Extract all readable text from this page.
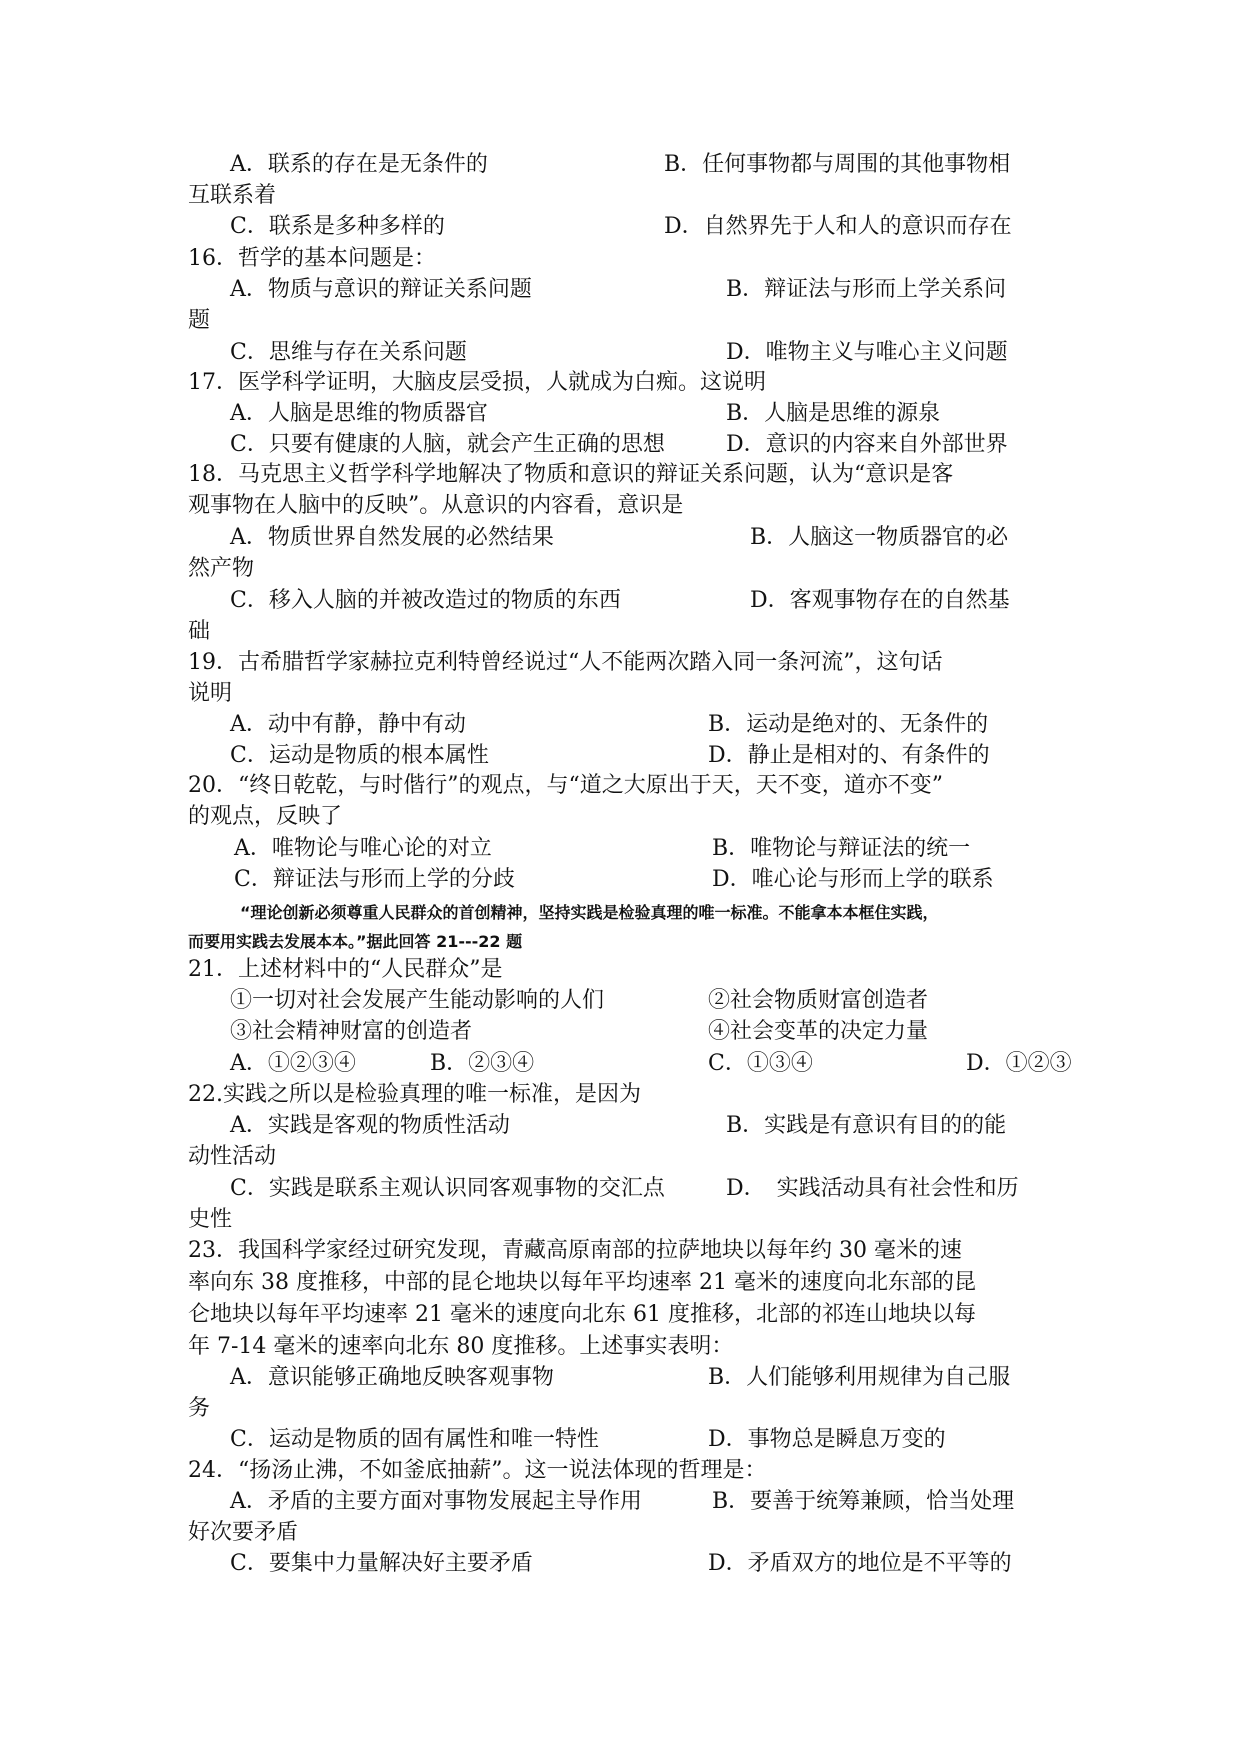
A．联系的存在是无条件的	B．任何事物都与周围的其他事物相
互联系着
C．联系是多种多样的	D．自然界先于人和人的意识而存在
16．哲学的基本问题是：
A．物质与意识的辩证关系问题	B．辩证法与形而上学关系问
题
C．思维与存在关系问题	D．唯物主义与唯心主义问题
17．医学科学证明，大脑皮层受损，人就成为白痴。这说明
A．人脑是思维的物质器官	B．人脑是思维的源泉
C．只要有健康的人脑，就会产生正确的思想	D．意识的内容来自外部世界
18．马克思主义哲学科学地解决了物质和意识的辩证关系问题，认为“意识是客
观事物在人脑中的反映”。从意识的内容看，意识是
A．物质世界自然发展的必然结果	B．人脑这一物质器官的必
然产物
C．移入人脑的并被改造过的物质的东西	D．客观事物存在的自然基
础
19．古希腊哲学家赫拉克利特曾经说过“人不能两次踏入同一条河流”，这句话
说明
A．动中有静，静中有动	B．运动是绝对的、无条件的
C．运动是物质的根本属性	D．静止是相对的、有条件的
20．“终日乾乾，与时偕行”的观点，与“道之大原出于天，天不变，道亦不变”
的观点，反映了
A．唯物论与唯心论的对立	B．唯物论与辩证法的统一
C．辩证法与形而上学的分歧	D．唯心论与形而上学的联系
“理论创新必须尊重人民群众的首创精神，坚持实践是检验真理的唯一标准。不能拿本本框住实践，
而要用实践去发展本本。”据此回答 21---22 题
21．上述材料中的“人民群众”是
①一切对社会发展产生能动影响的人们	②社会物质财富创造者
③社会精神财富的创造者	④社会变革的决定力量
A．①②③④	B．②③④	C．①③④	D．①②③
22.实践之所以是检验真理的唯一标准，是因为
A．实践是客观的物质性活动	B．实践是有意识有目的的能
动性活动
C．实践是联系主观认识同客观事物的交汇点	D．　实践活动具有社会性和历
史性
23．我国科学家经过研究发现，青藏高原南部的拉萨地块以每年约 30 毫米的速
率向东 38 度推移，中部的昆仑地块以每年平均速率 21 毫米的速度向北东部的昆
仑地块以每年平均速率 21 毫米的速度向北东 61 度推移，北部的祁连山地块以每
年 7-14 毫米的速率向北东 80 度推移。上述事实表明：
A．意识能够正确地反映客观事物	B．人们能够利用规律为自己服
务
C．运动是物质的固有属性和唯一特性	D．事物总是瞬息万变的
24．“扬汤止沸，不如釜底抽薪”。这一说法体现的哲理是：
A．矛盾的主要方面对事物发展起主导作用	B．要善于统筹兼顾，恰当处理
好次要矛盾
C．要集中力量解决好主要矛盾	D．矛盾双方的地位是不平等的
